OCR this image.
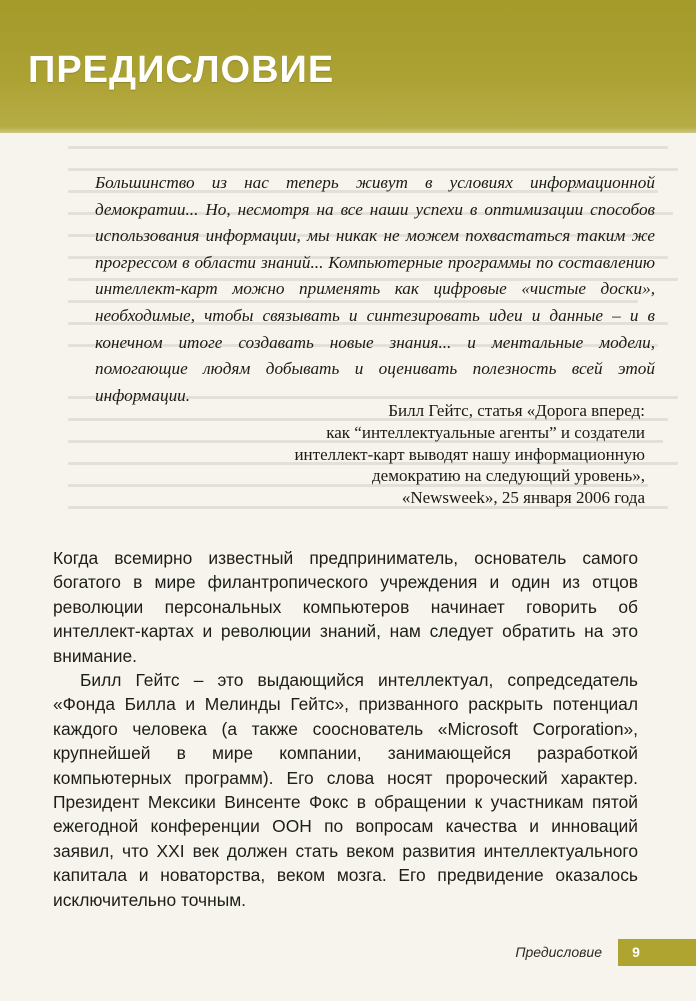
ПРЕДИСЛОВИЕ

Большинство из нас теперь живут в условиях информационной демократии... Но, несмотря на все наши успехи в оптимизации способов использования информации, мы никак не можем похвастаться таким же прогрессом в области знаний... Компьютерные программы по составлению интеллект-карт можно применять как цифровые «чистые доски», необходимые, чтобы связывать и синтезировать идеи и данные – и в конечном итоге создавать новые знания... и ментальные модели, помогающие людям добывать и оценивать полезность всей этой информации.

Билл Гейтс, статья «Дорога вперед:
как “интеллектуальные агенты” и создатели
интеллект-карт выводят нашу информационную
демократию на следующий уровень»,
«Newsweek», 25 января 2006 года

Когда всемирно известный предприниматель, основатель самого богатого в мире филантропического учреждения и один из отцов революции персональных компьютеров начинает говорить об интеллект-картах и революции знаний, нам следует обратить на это внимание.

Билл Гейтс – это выдающийся интеллектуал, сопредседатель «Фонда Билла и Мелинды Гейтс», призванного раскрыть потенциал каждого человека (а также сооснователь «Microsoft Corporation», крупнейшей в мире компании, занимающейся разработкой компьютерных программ). Его слова носят пророческий характер. Президент Мексики Винсенте Фокс в обращении к участникам пятой ежегодной конференции ООН по вопросам качества и инноваций заявил, что XXI век должен стать веком развития интеллектуального капитала и новаторства, веком мозга. Его предвидение оказалось исключительно точным.

Предисловие	9
